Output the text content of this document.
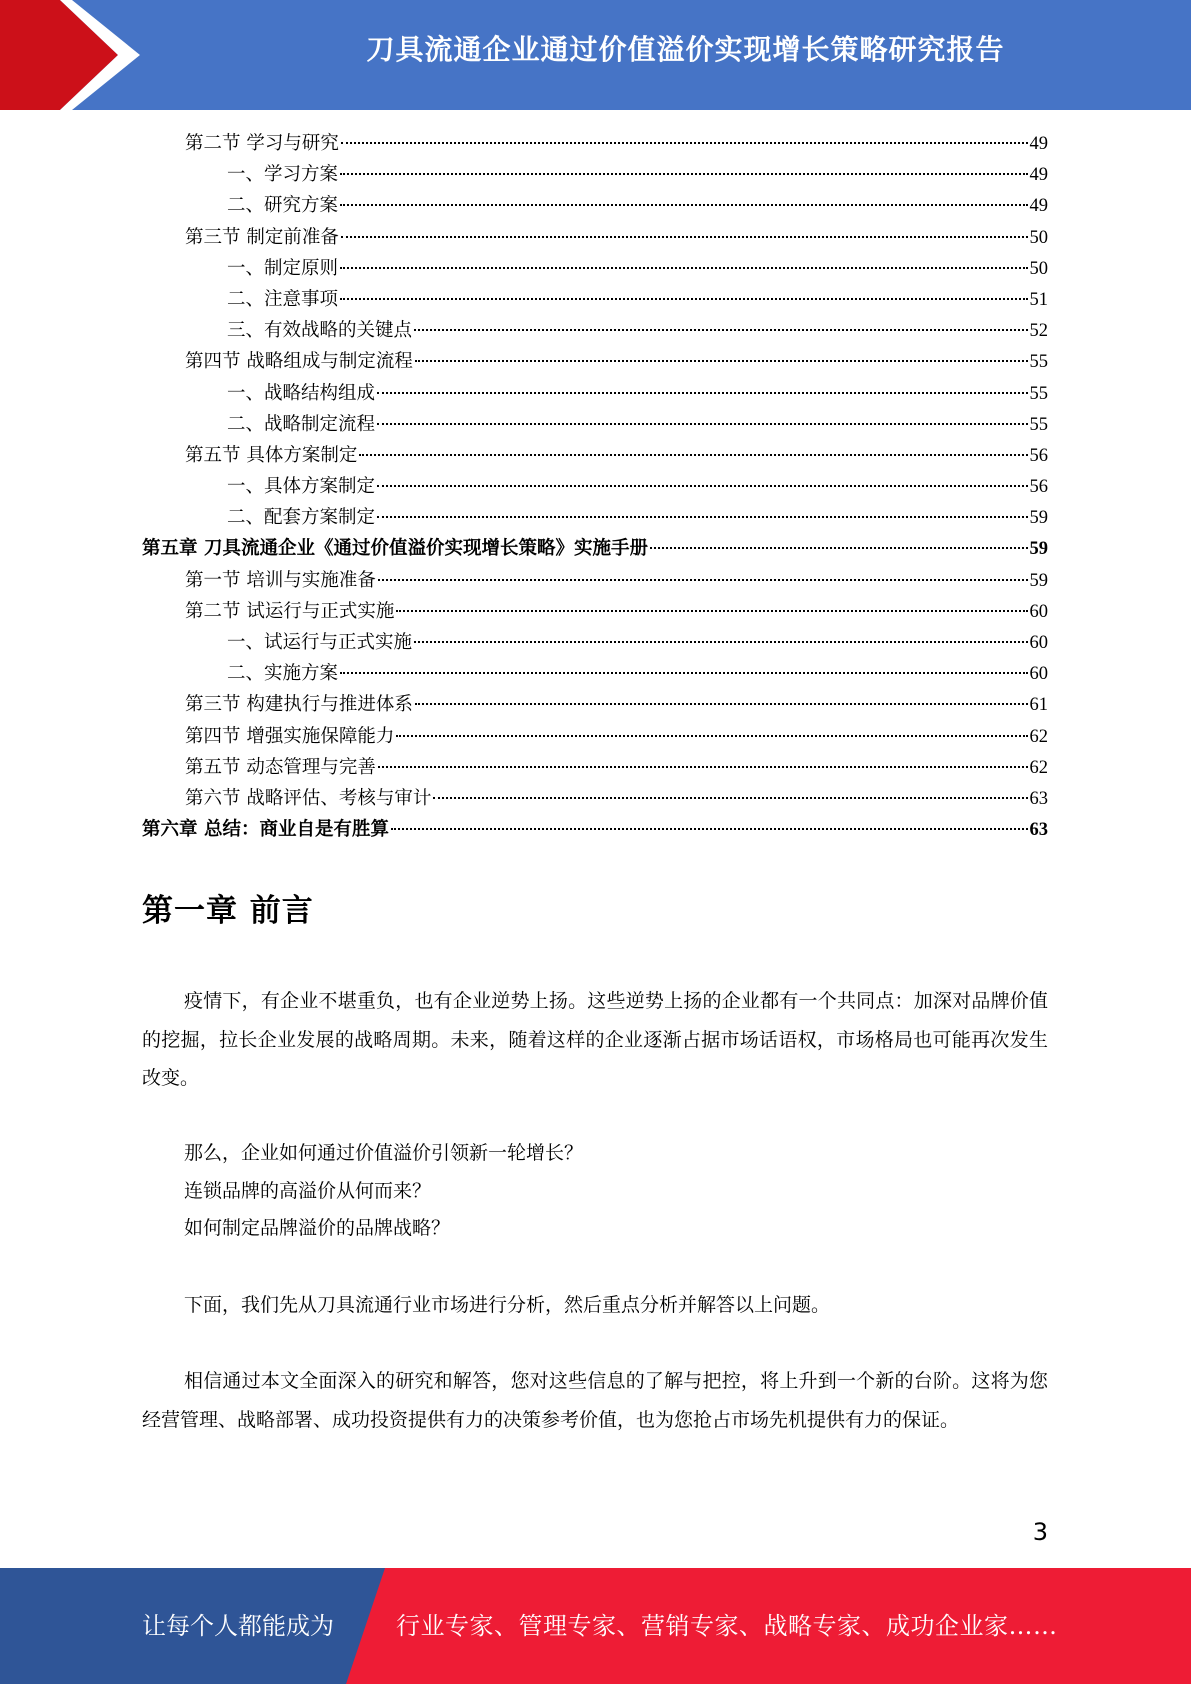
刀具流通企业通过价值溢价实现增长策略研究报告
第二节 学习与研究	49
一、学习方案	49
二、研究方案	49
第三节 制定前准备	50
一、制定原则	50
二、注意事项	51
三、有效战略的关键点	52
第四节 战略组成与制定流程	55
一、战略结构组成	55
二、战略制定流程	55
第五节 具体方案制定	56
一、具体方案制定	56
二、配套方案制定	59
第五章 刀具流通企业《通过价值溢价实现增长策略》实施手册	59
第一节 培训与实施准备	59
第二节 试运行与正式实施	60
一、试运行与正式实施	60
二、实施方案	60
第三节 构建执行与推进体系	61
第四节 增强实施保障能力	62
第五节 动态管理与完善	62
第六节 战略评估、考核与审计	63
第六章 总结：商业自是有胜算	63
第一章 前言

疫情下，有企业不堪重负，也有企业逆势上扬。这些逆势上扬的企业都有一个共同点：加深对品牌价值的挖掘，拉长企业发展的战略周期。未来，随着这样的企业逐渐占据市场话语权，市场格局也可能再次发生改变。

那么，企业如何通过价值溢价引领新一轮增长？

连锁品牌的高溢价从何而来？

如何制定品牌溢价的品牌战略？

下面，我们先从刀具流通行业市场进行分析，然后重点分析并解答以上问题。

相信通过本文全面深入的研究和解答，您对这些信息的了解与把控，将上升到一个新的台阶。这将为您经营管理、战略部署、成功投资提供有力的决策参考价值，也为您抢占市场先机提供有力的保证。

3
让每个人都能成为	行业专家、管理专家、营销专家、战略专家、成功企业家……
